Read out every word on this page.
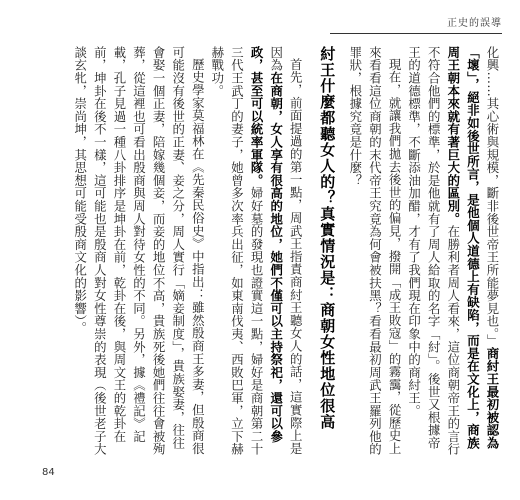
正史的誤導

化興……其心術與規模，斷非後世帝王所能夢見也。」商紂王最初被認為「壞」，絕非如後世所言，是他個人道德上有缺陷，而是在文化上，商族周王朝本來就有著巨大的區別。在勝利者周人看來，這位商朝帝王的言行不符合他們的標準，於是他就有了周人給取的名字「紂」。後世又根據帝王的道德標準，不斷添油加醋，才有了我們現在印象中的商紂王。

現在，就讓我們拋去後世的偏見，撥開「成王敗寇」的霧靄，從歷史上來看看這位商朝的末代帝王究竟為何會被扶黑？看看最初周武王羅列他的罪狀，根據究竟是什麼？

紂王什麼都聽女人的？真實情況是：商朝女性地位很高

首先，前面提過的第一點，周武王指責商紂王聽女人的話，這實際上是因為在商朝，女人享有很高的地位，她們不僅可以主持祭祀，還可以參政，甚至可以統率軍隊。婦好墓的發現也證實這一點，婦好是商朝第二十三代王武丁的妻子，她曾多次率兵出征，如東南伐夷、西敗巴軍，立下赫赫戰功。

歷史學家莫福林在《先秦民俗史》中指出：雖然殷商王多妻，但殷商很可能沒有後世的正妻、妾之分，周人實行「嫡妾制度」，貴族娶妻，往往會娶一個正妻，陪嫁幾個妾，而妾的地位不高，貴族死後她們往往會被殉葬，從這裡也可看出殷商與周人對待女性的不同。另外，據《禮記》記載，孔子見過一種八卦排序是坤卦在前，乾卦在後，與周文王的乾卦在前，坤卦在後不一樣，這可能也是殷商人對女性尊崇的表現（後世老子大談玄牝，崇尚坤，其思想可能受殷商文化的影響）。

84
